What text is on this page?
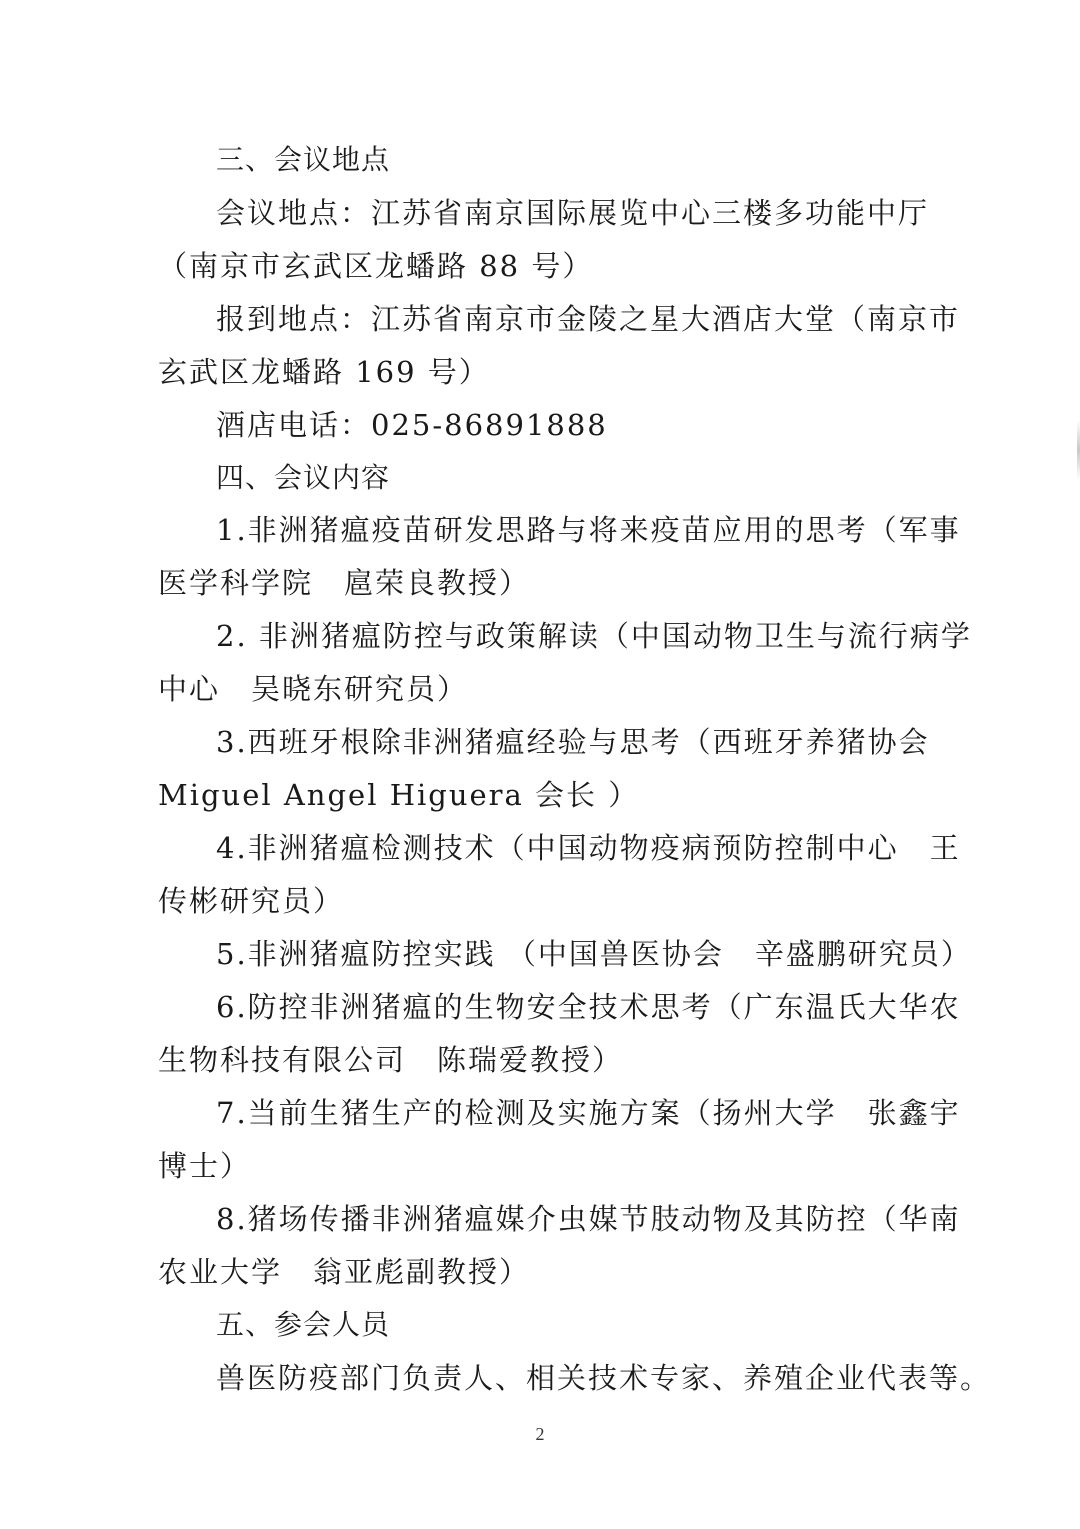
三、会议地点
会议地点：江苏省南京国际展览中心三楼多功能中厅
（南京市玄武区龙蟠路 88 号）
报到地点：江苏省南京市金陵之星大酒店大堂（南京市
玄武区龙蟠路 169 号）
酒店电话：025-86891888
四、会议内容
1.非洲猪瘟疫苗研发思路与将来疫苗应用的思考（军事
医学科学院　扈荣良教授）
2. 非洲猪瘟防控与政策解读（中国动物卫生与流行病学
中心　吴晓东研究员）
3.西班牙根除非洲猪瘟经验与思考（西班牙养猪协会
Miguel Angel Higuera 会长 ）
4.非洲猪瘟检测技术（中国动物疫病预防控制中心　王
传彬研究员）
5.非洲猪瘟防控实践 （中国兽医协会　辛盛鹏研究员）
6.防控非洲猪瘟的生物安全技术思考（广东温氏大华农
生物科技有限公司　陈瑞爱教授）
7.当前生猪生产的检测及实施方案（扬州大学　张鑫宇
博士）
8.猪场传播非洲猪瘟媒介虫媒节肢动物及其防控（华南
农业大学　翁亚彪副教授）
五、参会人员
兽医防疫部门负责人、相关技术专家、养殖企业代表等。
2
